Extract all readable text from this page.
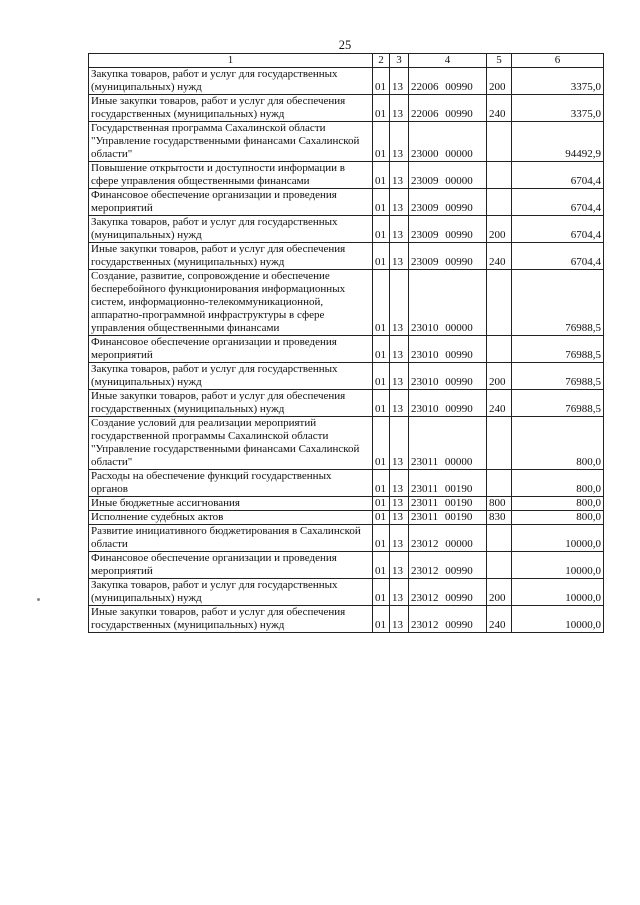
25
1	2	3	4	5	6
Закупка товаров, работ и услуг для государственных (муниципальных) нужд	01	13	22006 00990	200	3375,0
Иные закупки товаров, работ и услуг для обеспечения государственных (муниципальных) нужд	01	13	22006 00990	240	3375,0
Государственная программа Сахалинской области "Управление государственными финансами Сахалинской области"	01	13	23000 00000		94492,9
Повышение открытости и доступности информации в сфере управления общественными финансами	01	13	23009 00000		6704,4
Финансовое обеспечение организации и проведения мероприятий	01	13	23009 00990		6704,4
Закупка товаров, работ и услуг для государственных (муниципальных) нужд	01	13	23009 00990	200	6704,4
Иные закупки товаров, работ и услуг для обеспечения государственных (муниципальных) нужд	01	13	23009 00990	240	6704,4
Создание, развитие, сопровождение и обеспечение бесперебойного функционирования информационных систем, информационно-телекоммуникационной, аппаратно-программной инфраструктуры в сфере управления общественными финансами	01	13	23010 00000		76988,5
Финансовое обеспечение организации и проведения мероприятий	01	13	23010 00990		76988,5
Закупка товаров, работ и услуг для государственных (муниципальных) нужд	01	13	23010 00990	200	76988,5
Иные закупки товаров, работ и услуг для обеспечения государственных (муниципальных) нужд	01	13	23010 00990	240	76988,5
Создание условий для реализации мероприятий государственной программы Сахалинской области "Управление государственными финансами Сахалинской области"	01	13	23011 00000		800,0
Расходы на обеспечение функций государственных органов	01	13	23011 00190		800,0
Иные бюджетные ассигнования	01	13	23011 00190	800	800,0
Исполнение судебных актов	01	13	23011 00190	830	800,0
Развитие инициативного бюджетирования в Сахалинской области	01	13	23012 00000		10000,0
Финансовое обеспечение организации и проведения мероприятий	01	13	23012 00990		10000,0
Закупка товаров, работ и услуг для государственных (муниципальных) нужд	01	13	23012 00990	200	10000,0
Иные закупки товаров, работ и услуг для обеспечения государственных (муниципальных) нужд	01	13	23012 00990	240	10000,0
